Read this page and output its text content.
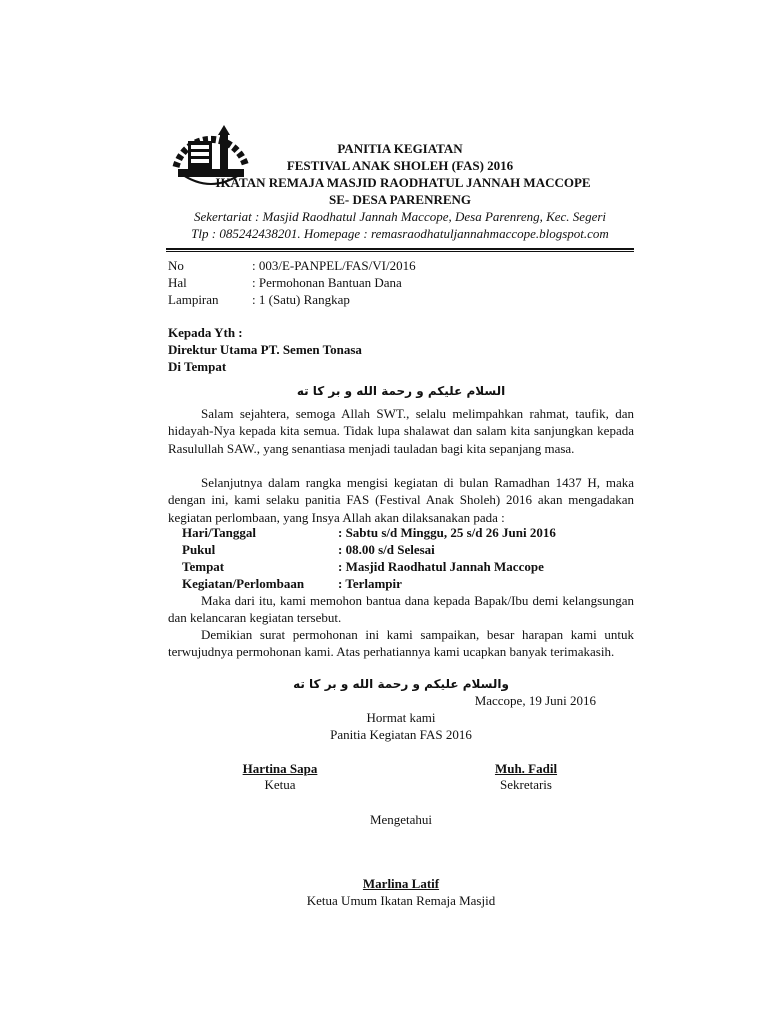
PANITIA KEGIATAN
FESTIVAL ANAK SHOLEH (FAS) 2016
IKATAN REMAJA MASJID RAODHATUL JANNAH MACCOPE
SE- DESA PARENRENG
Sekertariat : Masjid Raodhatul Jannah Maccope, Desa Parenreng, Kec. Segeri
Tlp : 085242438201. Homepage : remasraodhatuljannahmaccope.blogspot.com
No	: 003/E-PANPEL/FAS/VI/2016
Hal	: Permohonan Bantuan Dana
Lampiran	: 1 (Satu) Rangkap
Kepada Yth :
Direktur Utama PT. Semen Tonasa
Di Tempat
السلام عليكم و رحمة الله و بر كا ته
Salam sejahtera, semoga Allah SWT., selalu melimpahkan rahmat, taufik, dan hidayah-Nya kepada kita semua. Tidak lupa shalawat dan salam kita sanjungkan kepada Rasulullah SAW., yang senantiasa menjadi tauladan bagi kita sepanjang masa.
Selanjutnya dalam rangka mengisi kegiatan di bulan Ramadhan 1437 H, maka dengan ini, kami selaku panitia FAS (Festival Anak Sholeh) 2016 akan mengadakan kegiatan perlombaan, yang Insya Allah akan dilaksanakan pada :
Hari/Tanggal	: Sabtu s/d Minggu, 25 s/d 26 Juni 2016
Pukul	: 08.00 s/d Selesai
Tempat	: Masjid Raodhatul Jannah Maccope
Kegiatan/Perlombaan	: Terlampir
Maka dari itu, kami memohon bantua dana kepada Bapak/Ibu demi kelangsungan dan kelancaran kegiatan tersebut.
Demikian surat permohonan ini kami sampaikan, besar harapan kami untuk terwujudnya permohonan kami. Atas perhatiannya kami ucapkan banyak terimakasih.
والسلام عليكم و رحمة الله و بر كا ته
Maccope, 19 Juni 2016
Hormat kami
Panitia Kegiatan FAS 2016
Hartina Sapa
Ketua
Muh. Fadil
Sekretaris
Mengetahui
Marlina Latif
Ketua Umum Ikatan Remaja Masjid
